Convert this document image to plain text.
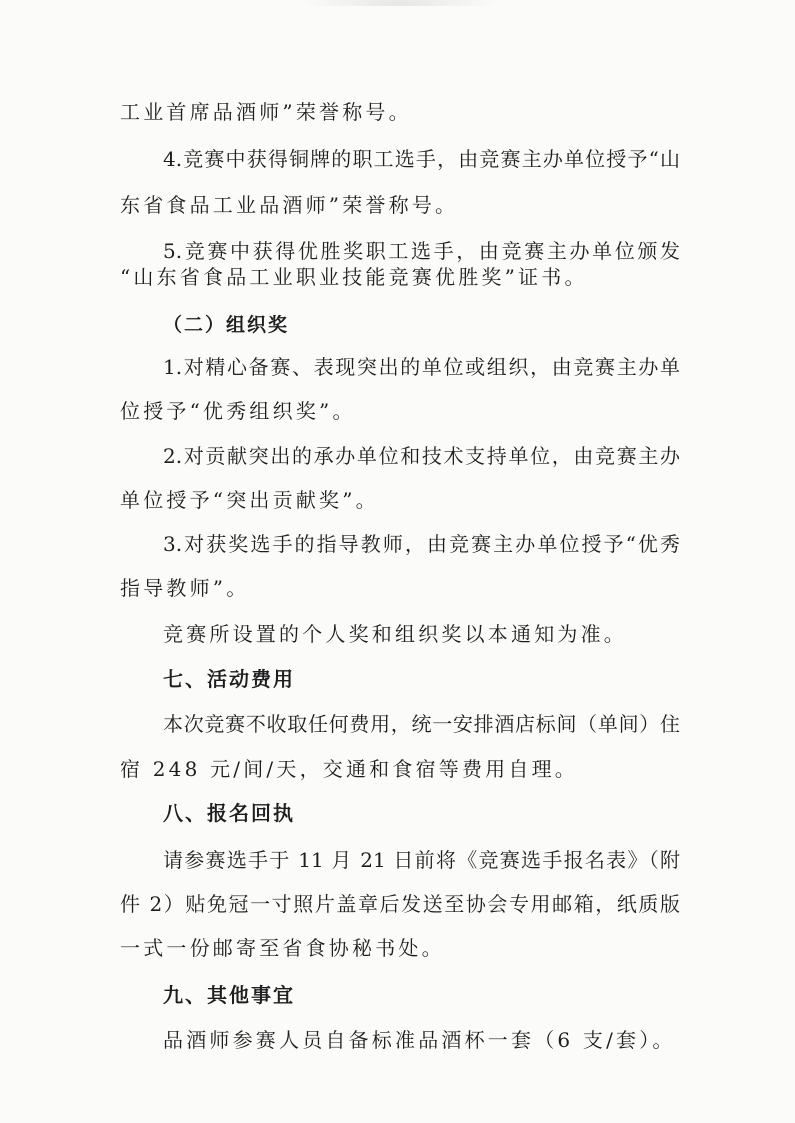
工业首席品酒师”荣誉称号。
4.竞赛中获得铜牌的职工选手，由竞赛主办单位授予“山
东省食品工业品酒师”荣誉称号。
5.竞赛中获得优胜奖职工选手，由竞赛主办单位颁发
“山东省食品工业职业技能竞赛优胜奖”证书。
（二）组织奖
1.对精心备赛、表现突出的单位或组织，由竞赛主办单
位授予“优秀组织奖”。
2.对贡献突出的承办单位和技术支持单位，由竞赛主办
单位授予“突出贡献奖”。
3.对获奖选手的指导教师，由竞赛主办单位授予“优秀
指导教师”。
竞赛所设置的个人奖和组织奖以本通知为准。
七、活动费用
本次竞赛不收取任何费用，统一安排酒店标间（单间）住
宿 248 元/间/天，交通和食宿等费用自理。
八、报名回执
请参赛选手于 11 月 21 日前将《竞赛选手报名表》（附
件 2）贴免冠一寸照片盖章后发送至协会专用邮箱，纸质版
一式一份邮寄至省食协秘书处。
九、其他事宜
品酒师参赛人员自备标准品酒杯一套（6 支/套）。
